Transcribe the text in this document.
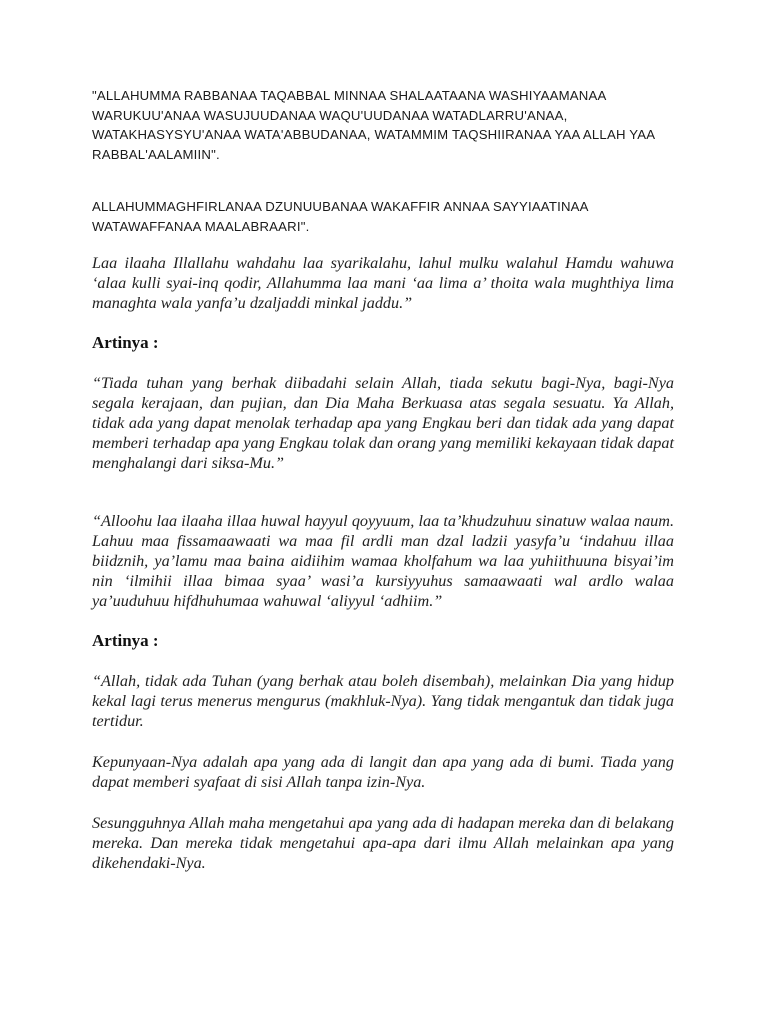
"ALLAHUMMA RABBANAA TAQABBAL MINNAA SHALAATAANA WASHIYAAMANAA WARUKUU'ANAA WASUJUUDANAA WAQU'UUDANAA WATADLARRU'ANAA, WATAKHASYSYU'ANAA WATA'ABBUDANAA, WATAMMIM TAQSHIIRANAA YAA ALLAH YAA RABBAL'AALAMIIN".

ALLAHUMMAGHFIRLANAA DZUNUUBANAA WAKAFFIR ANNAA SAYYIAATINAA WATAWAFFANAA MAALABRAARI".

Laa ilaaha Illallahu wahdahu laa syarikalahu, lahul mulku walahul Hamdu wahuwa ‘alaa kulli syai-inq qodir, Allahumma laa mani ‘aa lima a’ thoita wala mughthiya lima managhta wala yanfa’u dzaljaddi minkal jaddu.”

Artinya :

“Tiada tuhan yang berhak diibadahi selain Allah, tiada sekutu bagi-Nya, bagi-Nya segala kerajaan, dan pujian, dan Dia Maha Berkuasa atas segala sesuatu. Ya Allah, tidak ada yang dapat menolak terhadap apa yang Engkau beri dan tidak ada yang dapat memberi terhadap apa yang Engkau tolak dan orang yang memiliki kekayaan tidak dapat menghalangi dari siksa-Mu.”

“Alloohu laa ilaaha illaa huwal hayyul qoyyuum, laa ta’khudzuhuu sinatuw walaa naum. Lahuu maa fissamaawaati wa maa fil ardli man dzal ladzii yasyfa’u ‘indahuu illaa biidznih, ya’lamu maa baina aidiihim wamaa kholfahum wa laa yuhiithuuna bisyai’im nin ‘ilmihii illaa bimaa syaa’ wasi’a kursiyyuhus samaawaati wal ardlo walaa ya’uuduhuu hifdhuhumaa wahuwal ‘aliyyul ‘adhiim.”

Artinya :

“Allah, tidak ada Tuhan (yang berhak atau boleh disembah), melainkan Dia yang hidup kekal lagi terus menerus mengurus (makhluk-Nya). Yang tidak mengantuk dan tidak juga tertidur.

Kepunyaan-Nya adalah apa yang ada di langit dan apa yang ada di bumi. Tiada yang dapat memberi syafaat di sisi Allah tanpa izin-Nya.

Sesungguhnya Allah maha mengetahui apa yang ada di hadapan mereka dan di belakang mereka. Dan mereka tidak mengetahui apa-apa dari ilmu Allah melainkan apa yang dikehendaki-Nya.
